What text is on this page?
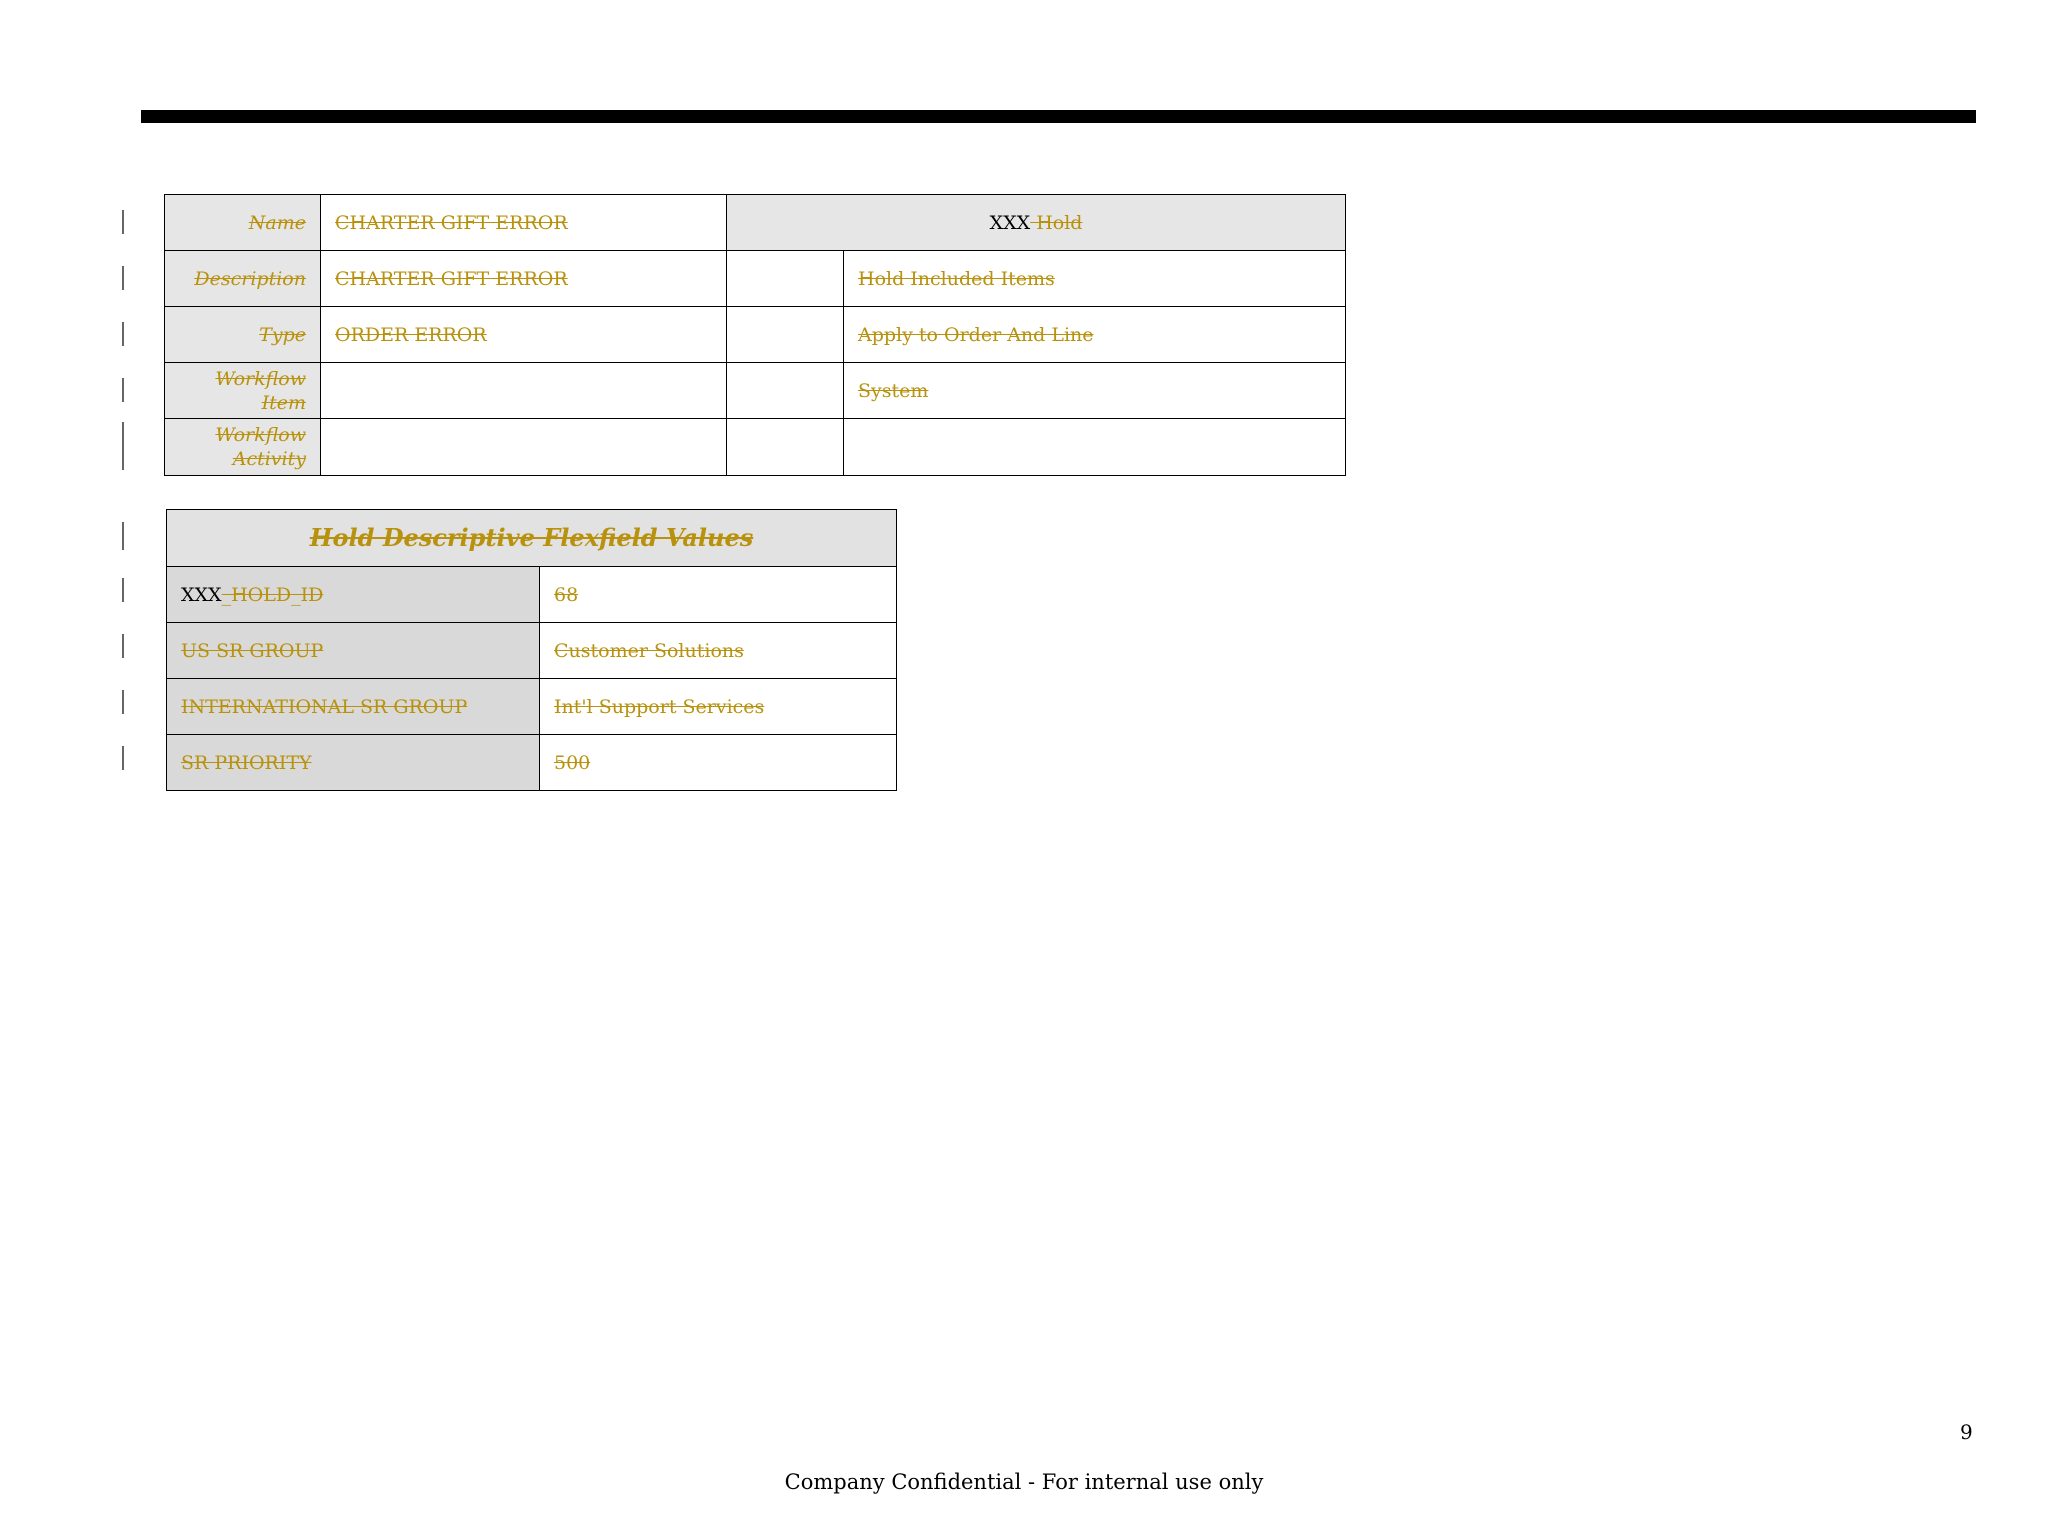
Name	CHARTER GIFT ERROR	XXX Hold	
Description	CHARTER GIFT ERROR		Hold Included Items
Type	ORDER ERROR		Apply to Order And Line
Workflow Item			System
Workflow Activity			
Hold Descriptive Flexfield Values	
XXX_HOLD_ID	68
US SR GROUP	Customer Solutions
INTERNATIONAL SR GROUP	Int'l Support Services
SR PRIORITY	500
9
Company Confidential - For internal use only
